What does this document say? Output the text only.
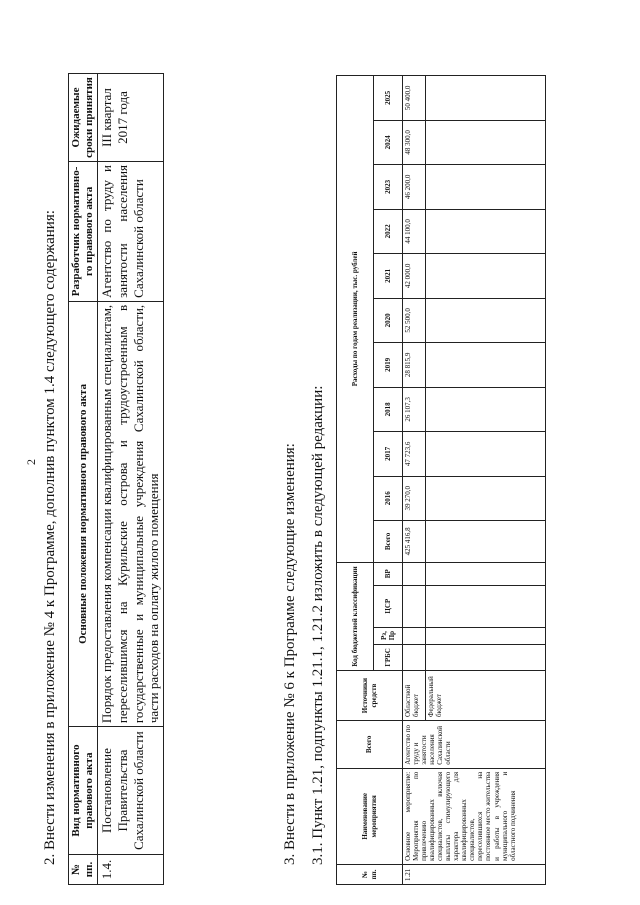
2 2. Внести изменения в приложение № 4 к Программе, дополнив пунктом 1.4 следующего содержания:
№ пп.	Вид нормативного правового акта	Основные положения нормативного правового акта	Разработчик нормативно-го правового акта	Ожидаемые сроки принятия
1.4.	Постановление Правительства Сахалинской области	Порядок предоставления компенсации квалифицированным специалистам, переселившимся на Курильские острова и трудоустроенным в государственные и муниципальные учреждения Сахалинской области, части расходов на оплату жилого помещения	Агентство по труду и занятости населения Сахалинской области	III квартал 2017 года
3. Внести в приложение № 6 к Программе следующие изменения: 3.1. Пункт 1.21, подпункты 1.21.1, 1.21.2 изложить в следующей редакции:
№ пп.	Наименование мероприятия	Всего	Источники средств	Код бюджетной классификации				Расходы по годам реализации, тыс. рублей										
				ГРБС	Рз, Пр	ЦСР	ВР	Всего	2016	2017	2018	2019	2020	2021	2022	2023	2024	2025
1.21	Основное мероприятие: Мероприятия по привлечению квалифицированных специалистов, включая выплаты стимулирующего характера для квалифицированных специалистов, переселившихся на постоянное место жительства и работы в учреждения муниципального и областного подчинения	Агентство по труду и занятости населения Сахалинской области	Областной бюджет					425 416,8	39 270,0	47 723,6	26 107,3	28 815,9	52 500,0	42 000,0	44 100,0	46 200,0	48 300,0	50 400,0
			Федеральный бюджет															
